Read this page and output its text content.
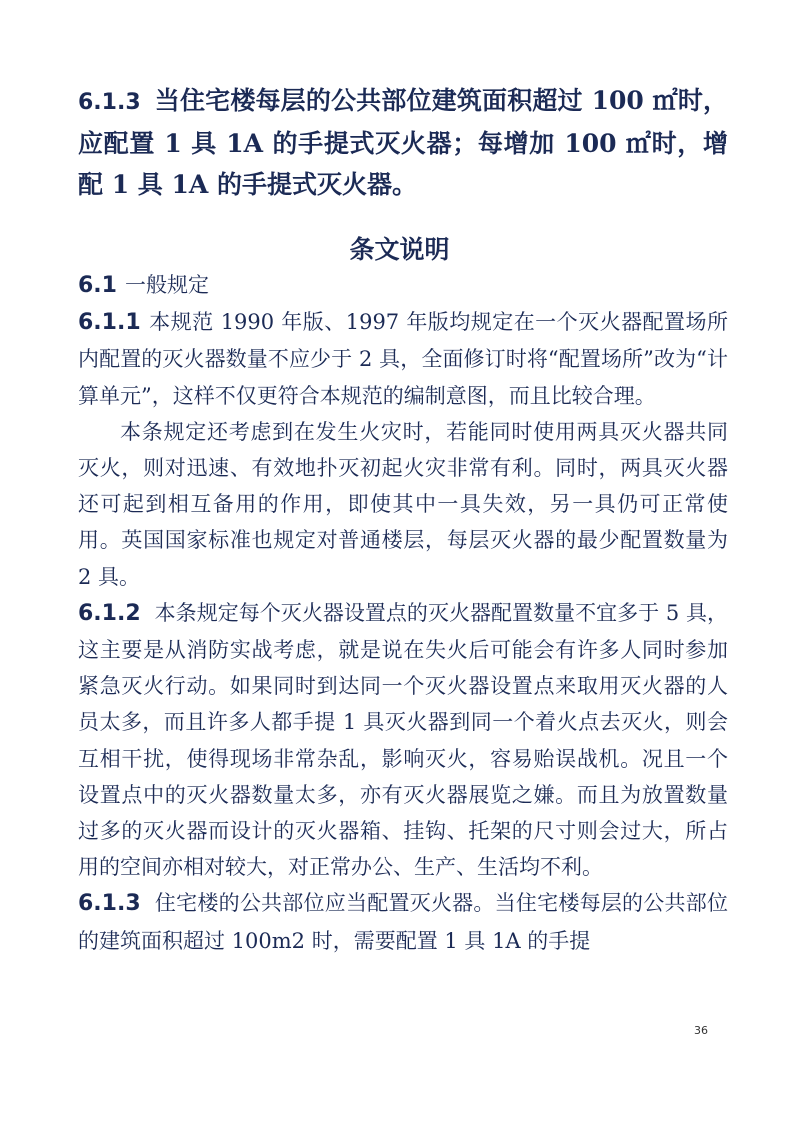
6.1.3 当住宅楼每层的公共部位建筑面积超过 100 ㎡时，应配置 1 具 1A 的手提式灭火器；每增加 100 ㎡时，增配 1 具 1A 的手提式灭火器。
条文说明

6.1 一般规定

6.1.1 本规范 1990 年版、1997 年版均规定在一个灭火器配置场所内配置的灭火器数量不应少于 2 具，全面修订时将“配置场所”改为“计算单元”，这样不仅更符合本规范的编制意图，而且比较合理。

本条规定还考虑到在发生火灾时，若能同时使用两具灭火器共同灭火，则对迅速、有效地扑灭初起火灾非常有利。同时，两具灭火器还可起到相互备用的作用，即使其中一具失效，另一具仍可正常使用。英国国家标准也规定对普通楼层，每层灭火器的最少配置数量为 2 具。

6.1.2 本条规定每个灭火器设置点的灭火器配置数量不宜多于 5 具，这主要是从消防实战考虑，就是说在失火后可能会有许多人同时参加紧急灭火行动。如果同时到达同一个灭火器设置点来取用灭火器的人员太多，而且许多人都手提 1 具灭火器到同一个着火点去灭火，则会互相干扰，使得现场非常杂乱，影响灭火，容易贻误战机。况且一个设置点中的灭火器数量太多，亦有灭火器展览之嫌。而且为放置数量过多的灭火器而设计的灭火器箱、挂钩、托架的尺寸则会过大，所占用的空间亦相对较大，对正常办公、生产、生活均不利。

6.1.3 住宅楼的公共部位应当配置灭火器。当住宅楼每层的公共部位的建筑面积超过 100m2 时，需要配置 1 具 1A 的手提

36
